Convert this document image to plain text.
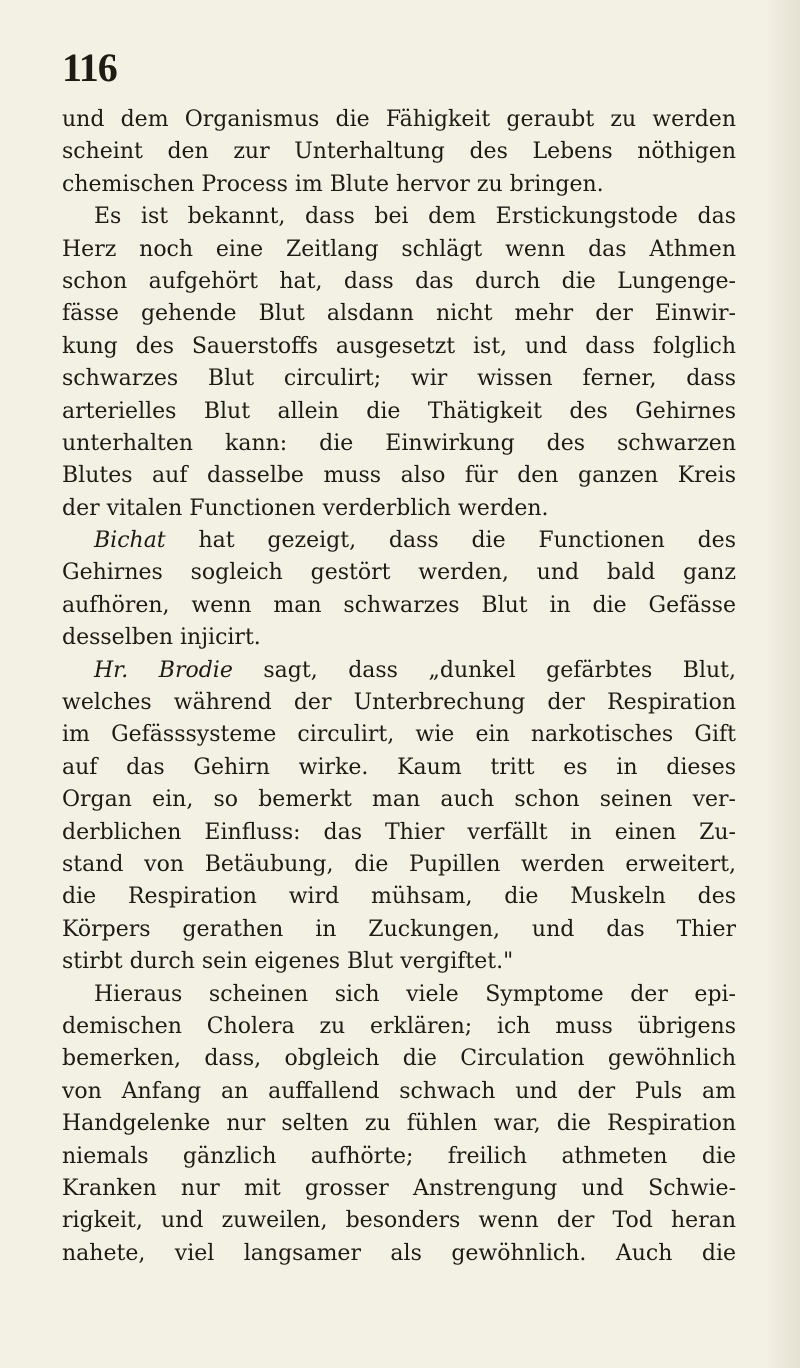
116
und dem Organismus die Fähigkeit geraubt zu werden
scheint den zur Unterhaltung des Lebens nöthigen
chemischen Process im Blute hervor zu bringen.
Es ist bekannt, dass bei dem Erstickungstode das
Herz noch eine Zeitlang schlägt wenn das Athmen
schon aufgehört hat, dass das durch die Lungenge-
fässe gehende Blut alsdann nicht mehr der Einwir-
kung des Sauerstoffs ausgesetzt ist, und dass folglich
schwarzes Blut circulirt; wir wissen ferner, dass
arterielles Blut allein die Thätigkeit des Gehirnes
unterhalten kann: die Einwirkung des schwarzen
Blutes auf dasselbe muss also für den ganzen Kreis
der vitalen Functionen verderblich werden.
Bichat hat gezeigt, dass die Functionen des
Gehirnes sogleich gestört werden, und bald ganz
aufhören, wenn man schwarzes Blut in die Gefässe
desselben injicirt.
Hr. Brodie sagt, dass „dunkel gefärbtes Blut,
welches während der Unterbrechung der Respiration
im Gefässsysteme circulirt, wie ein narkotisches Gift
auf das Gehirn wirke. Kaum tritt es in dieses
Organ ein, so bemerkt man auch schon seinen ver-
derblichen Einfluss: das Thier verfällt in einen Zu-
stand von Betäubung, die Pupillen werden erweitert,
die Respiration wird mühsam, die Muskeln des
Körpers gerathen in Zuckungen, und das Thier
stirbt durch sein eigenes Blut vergiftet."
Hieraus scheinen sich viele Symptome der epi-
demischen Cholera zu erklären; ich muss übrigens
bemerken, dass, obgleich die Circulation gewöhnlich
von Anfang an auffallend schwach und der Puls am
Handgelenke nur selten zu fühlen war, die Respiration
niemals gänzlich aufhörte; freilich athmeten die
Kranken nur mit grosser Anstrengung und Schwie-
rigkeit, und zuweilen, besonders wenn der Tod heran
nahete, viel langsamer als gewöhnlich. Auch die
